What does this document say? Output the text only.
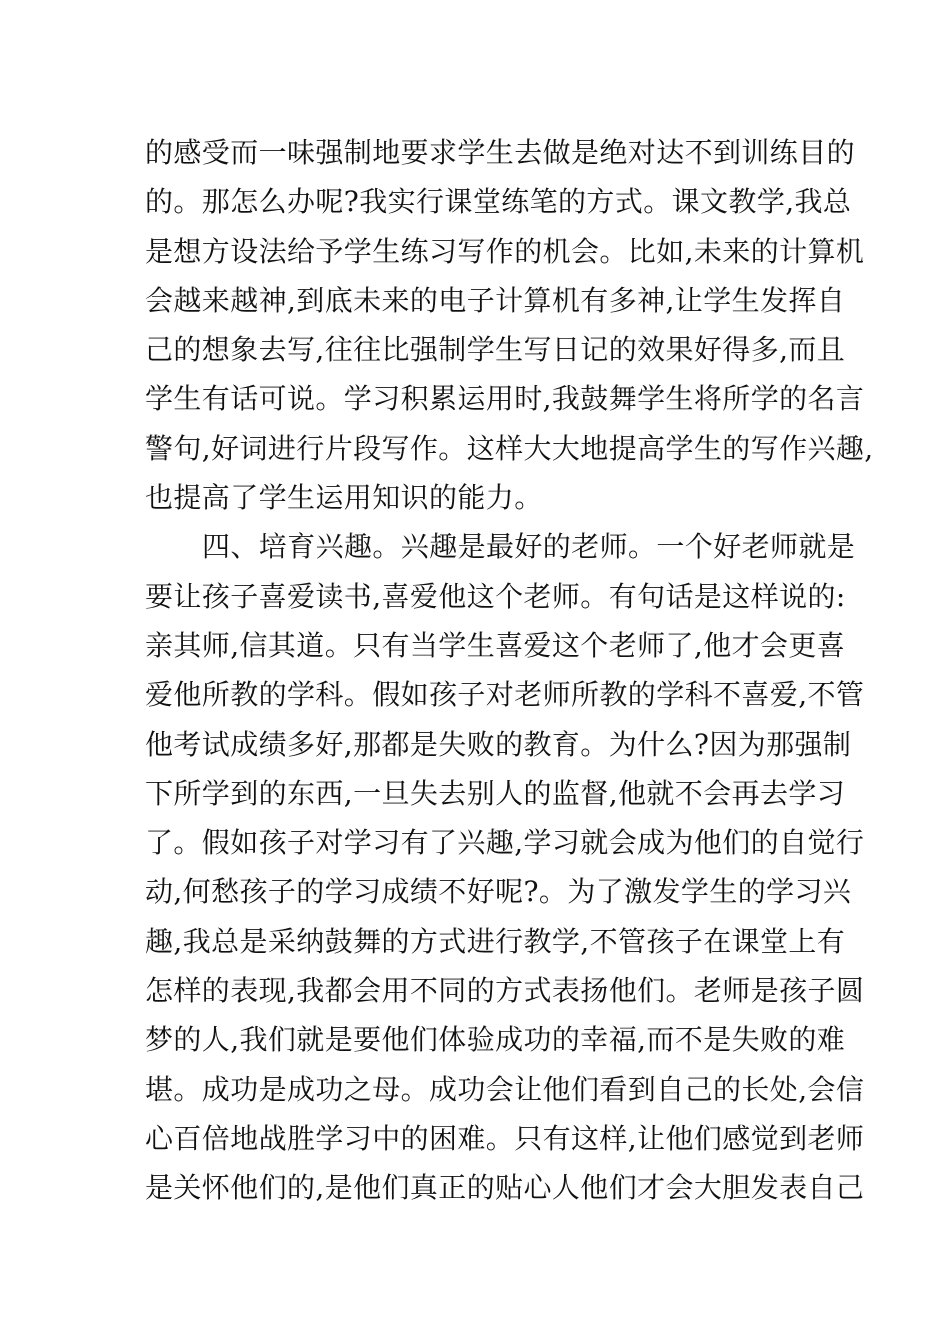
的感受而一味强制地要求学生去做是绝对达不到训练目的
的。那怎么办呢?我实行课堂练笔的方式。课文教学,我总
是想方设法给予学生练习写作的机会。比如,未来的计算机
会越来越神,到底未来的电子计算机有多神,让学生发挥自
己的想象去写,往往比强制学生写日记的效果好得多,而且
学生有话可说。学习积累运用时,我鼓舞学生将所学的名言
警句,好词进行片段写作。这样大大地提高学生的写作兴趣,
也提高了学生运用知识的能力。
四、培育兴趣。兴趣是最好的老师。一个好老师就是
要让孩子喜爱读书,喜爱他这个老师。有句话是这样说的:
亲其师,信其道。只有当学生喜爱这个老师了,他才会更喜
爱他所教的学科。假如孩子对老师所教的学科不喜爱,不管
他考试成绩多好,那都是失败的教育。为什么?因为那强制
下所学到的东西,一旦失去别人的监督,他就不会再去学习
了。假如孩子对学习有了兴趣,学习就会成为他们的自觉行
动,何愁孩子的学习成绩不好呢?。为了激发学生的学习兴
趣,我总是采纳鼓舞的方式进行教学,不管孩子在课堂上有
怎样的表现,我都会用不同的方式表扬他们。老师是孩子圆
梦的人,我们就是要他们体验成功的幸福,而不是失败的难
堪。成功是成功之母。成功会让他们看到自己的长处,会信
心百倍地战胜学习中的困难。只有这样,让他们感觉到老师
是关怀他们的,是他们真正的贴心人他们才会大胆发表自己
